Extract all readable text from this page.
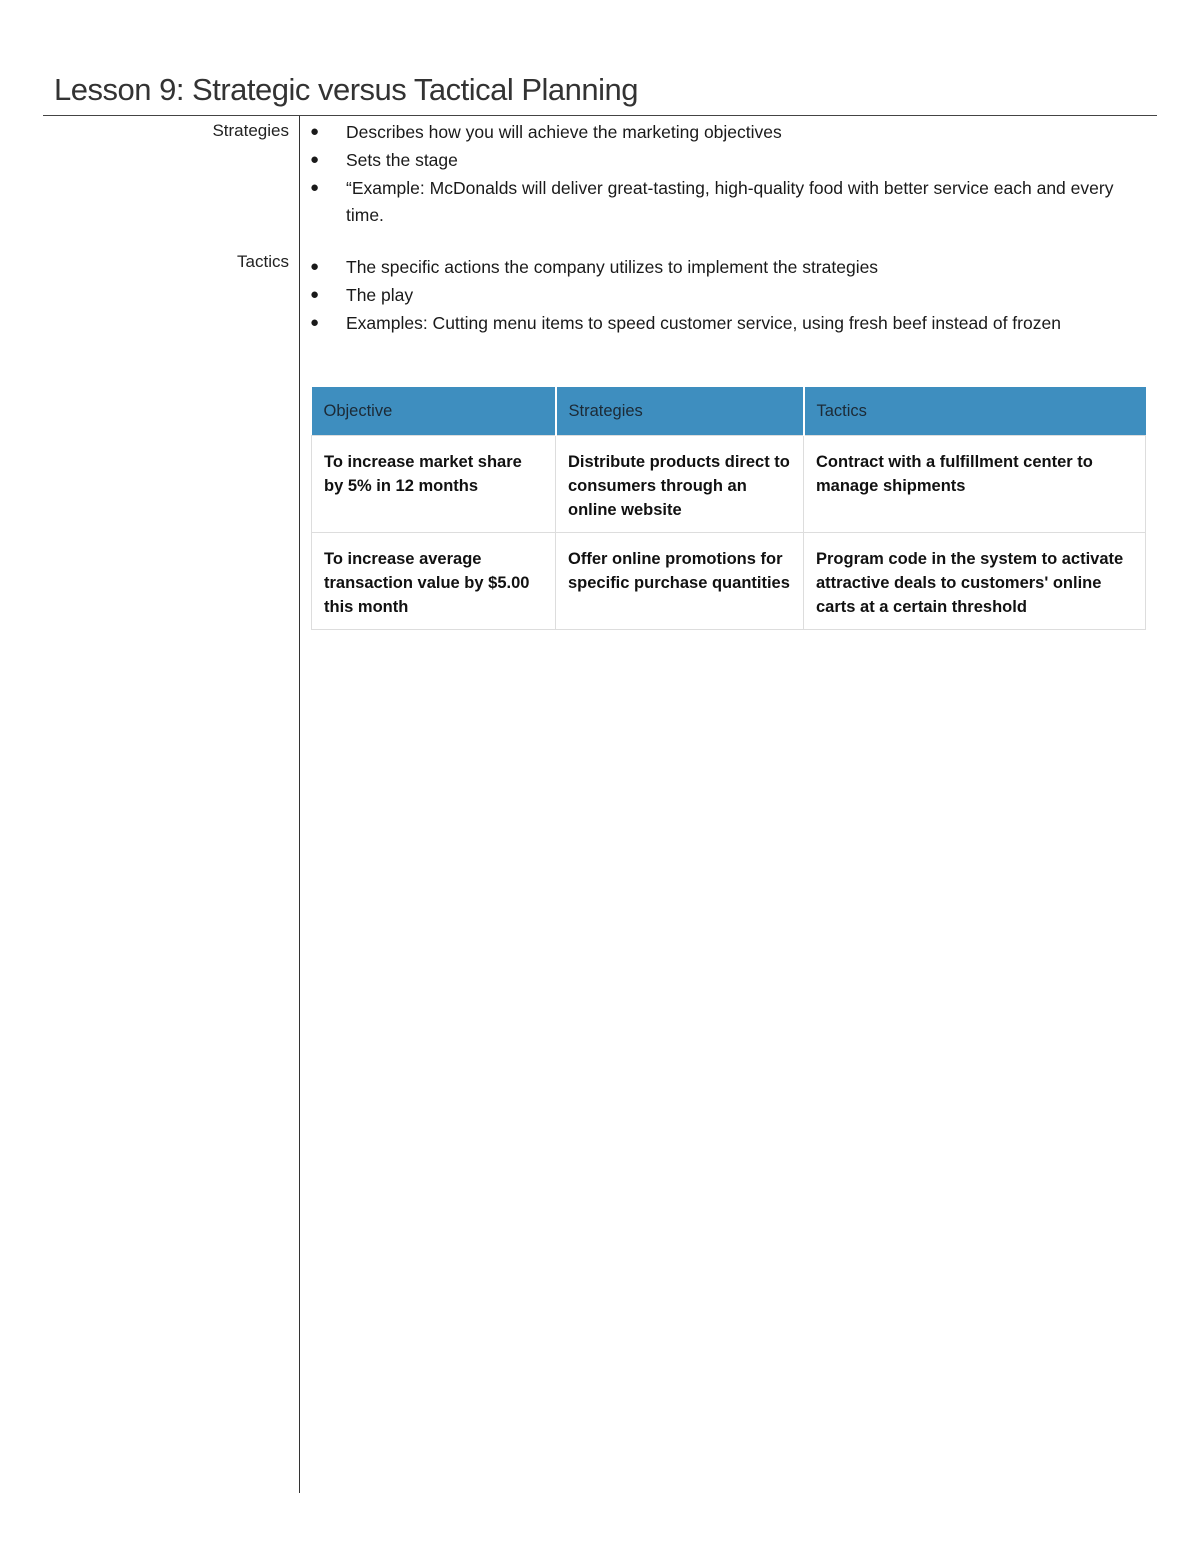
Lesson 9: Strategic versus Tactical Planning
Strategies ● Describes how you will achieve the marketing objectives
● Sets the stage
● “Example: McDonalds will deliver great-tasting, high-quality food with better service each and every time.
Tactics ● The specific actions the company utilizes to implement the strategies
● The play
● Examples: Cutting menu items to speed customer service, using fresh beef instead of frozen
Objective	Strategies	Tactics
To increase market share by 5% in 12 months	Distribute products direct to consumers through an online website	Contract with a fulfillment center to manage shipments
To increase average transaction value by $5.00 this month	Offer online promotions for specific purchase quantities	Program code in the system to activate attractive deals to customers' online carts at a certain threshold
